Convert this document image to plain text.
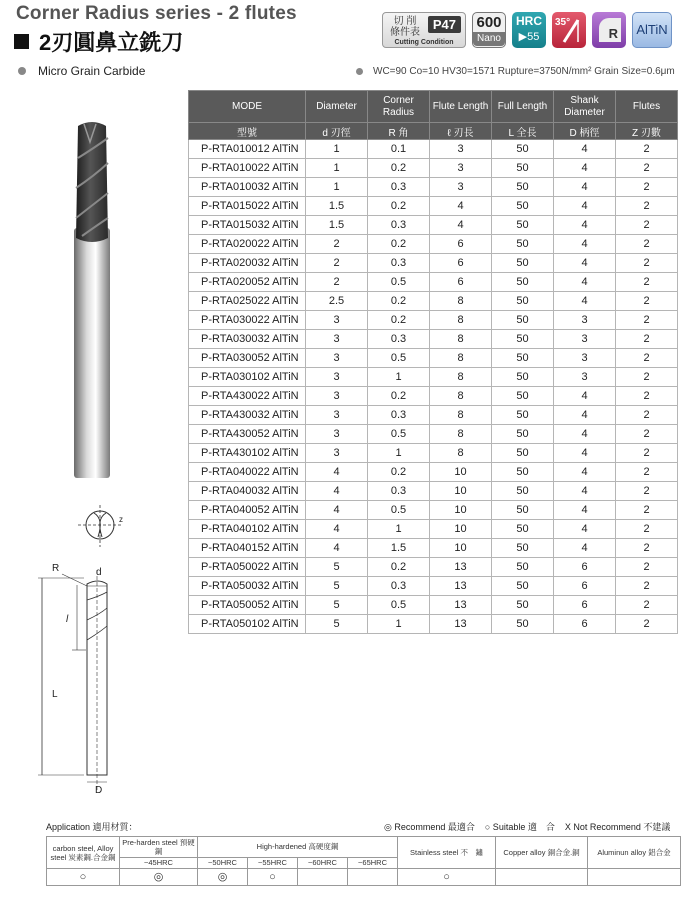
Corner Radius series - 2 flutes
2刃圓鼻立銑刀
切 削
條件表
P47
Cutting Condition
600
Nano
HRC
▶55
35°
R	AlTiN
Micro Grain Carbide	WC=90 Co=10 HV30=1571 Rupture=3750N/mm² Grain Size=0.6μm
z
R	d
l
L
D
MODE	Diameter	Corner Radius	Flute Length	Full Length	Shank Diameter	Flutes
型號	d 刃徑	R 角	ℓ 刃長	L 全長	D 柄徑	Z 刃數
P-RTA010012 AlTiN	1	0.1	3	50	4	2
P-RTA010022 AlTiN	1	0.2	3	50	4	2
P-RTA010032 AlTiN	1	0.3	3	50	4	2
P-RTA015022 AlTiN	1.5	0.2	4	50	4	2
P-RTA015032 AlTiN	1.5	0.3	4	50	4	2
P-RTA020022 AlTiN	2	0.2	6	50	4	2
P-RTA020032 AlTiN	2	0.3	6	50	4	2
P-RTA020052 AlTiN	2	0.5	6	50	4	2
P-RTA025022 AlTiN	2.5	0.2	8	50	4	2
P-RTA030022 AlTiN	3	0.2	8	50	3	2
P-RTA030032 AlTiN	3	0.3	8	50	3	2
P-RTA030052 AlTiN	3	0.5	8	50	3	2
P-RTA030102 AlTiN	3	1	8	50	3	2
P-RTA430022 AlTiN	3	0.2	8	50	4	2
P-RTA430032 AlTiN	3	0.3	8	50	4	2
P-RTA430052 AlTiN	3	0.5	8	50	4	2
P-RTA430102 AlTiN	3	1	8	50	4	2
P-RTA040022 AlTiN	4	0.2	10	50	4	2
P-RTA040032 AlTiN	4	0.3	10	50	4	2
P-RTA040052 AlTiN	4	0.5	10	50	4	2
P-RTA040102 AlTiN	4	1	10	50	4	2
P-RTA040152 AlTiN	4	1.5	10	50	4	2
P-RTA050022 AlTiN	5	0.2	13	50	6	2
P-RTA050032 AlTiN	5	0.3	13	50	6	2
P-RTA050052 AlTiN	5	0.5	13	50	6	2
P-RTA050102 AlTiN	5	1	13	50	6	2
Application 適用材質：	◎ Recommend 最適合 ○ Suitable 適　合 X Not Recommend 不建議
carbon steel, Alloy steel 炭素鋼.合金鋼	Pre-harden steel 預硬鋼	High-hardened 高硬度鋼				Stainless steel 不　鏽	Copper alloy 銅合金.銅	Aluminun alloy 鋁合金
	~45HRC	~50HRC	~55HRC	~60HRC	~65HRC			
○	◎	◎	○			○		
